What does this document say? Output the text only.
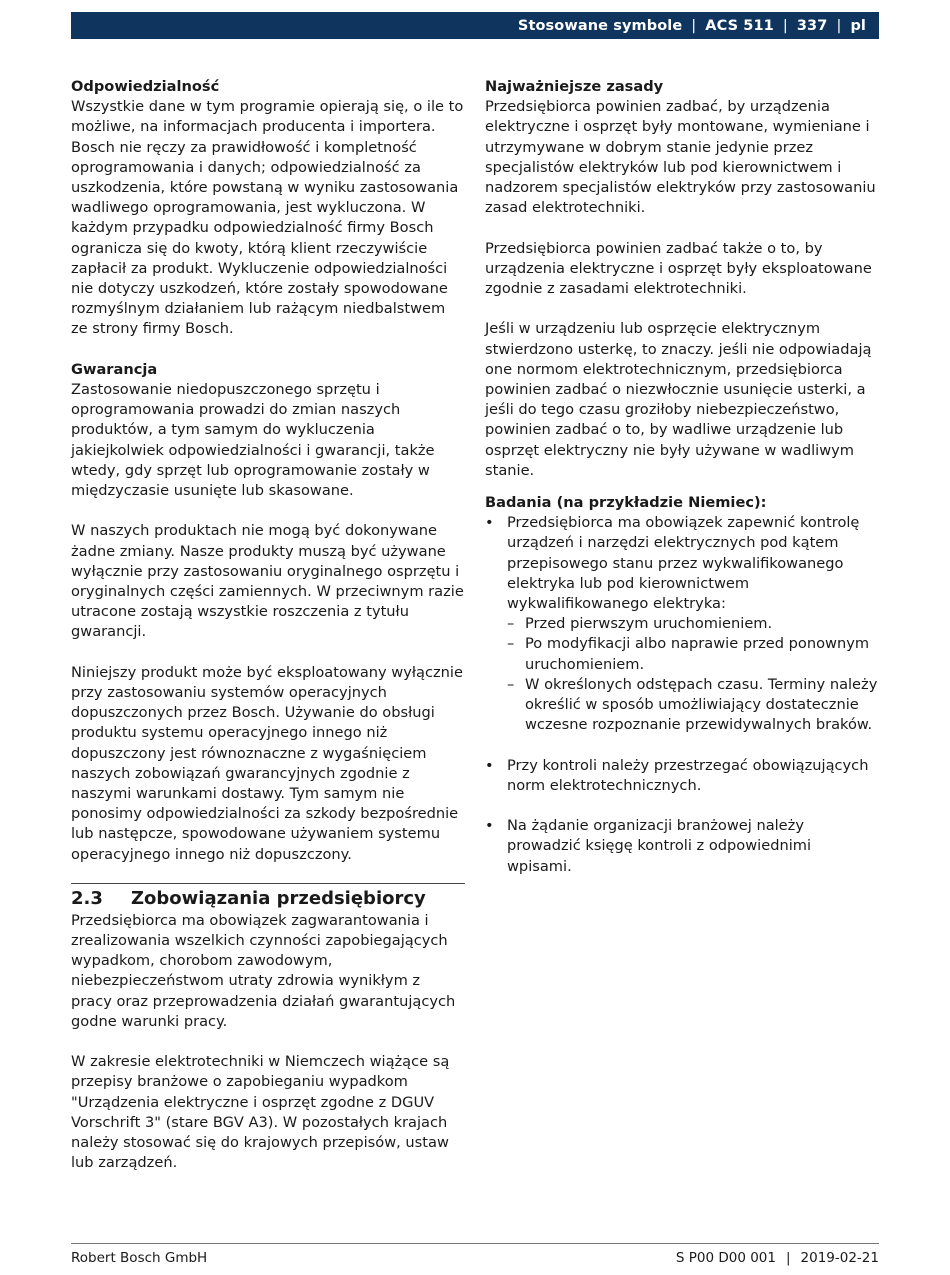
Stosowane symbole | ACS 511 | 337 | pl

Odpowiedzialność

Wszystkie dane w tym programie opierają się, o ile to możliwe, na informacjach producenta i importera. Bosch nie ręczy za prawidłowość i kompletność oprogramowania i danych; odpowiedzialność za uszkodzenia, które powstaną w wyniku zastosowania wadliwego oprogramowania, jest wykluczona. W każdym przypadku odpowiedzialność firmy Bosch ogranicza się do kwoty, którą klient rzeczywiście zapłacił za produkt. Wykluczenie odpowiedzialności nie dotyczy uszkodzeń, które zostały spowodowane rozmyślnym działaniem lub rażącym niedbalstwem ze strony firmy Bosch.

Gwarancja

Zastosowanie niedopuszczonego sprzętu i oprogramowania prowadzi do zmian naszych produktów, a tym samym do wykluczenia jakiejkolwiek odpowiedzialności i gwarancji, także wtedy, gdy sprzęt lub oprogramowanie zostały w międzyczasie usunięte lub skasowane.

W naszych produktach nie mogą być dokonywane żadne zmiany. Nasze produkty muszą być używane wyłącznie przy zastosowaniu oryginalnego osprzętu i oryginalnych części zamiennych. W przeciwnym razie utracone zostają wszystkie roszczenia z tytułu gwarancji.

Niniejszy produkt może być eksploatowany wyłącznie przy zastosowaniu systemów operacyjnych dopuszczonych przez Bosch. Używanie do obsługi produktu systemu operacyjnego innego niż dopuszczony jest równoznaczne z wygaśnięciem naszych zobowiązań gwarancyjnych zgodnie z naszymi warunkami dostawy. Tym samym nie ponosimy odpowiedzialności za szkody bezpośrednie lub następcze, spowodowane używaniem systemu operacyjnego innego niż dopuszczony.

2.3	Zobowiązania przedsiębiorcy

Przedsiębiorca ma obowiązek zagwarantowania i zrealizowania wszelkich czynności zapobiegających wypadkom, chorobom zawodowym, niebezpieczeństwom utraty zdrowia wynikłym z pracy oraz przeprowadzenia działań gwarantujących godne warunki pracy.

W zakresie elektrotechniki w Niemczech wiążące są przepisy branżowe o zapobieganiu wypadkom "Urządzenia elektryczne i osprzęt zgodne z DGUV Vorschrift 3" (stare BGV A3). W pozostałych krajach należy stosować się do krajowych przepisów, ustaw lub zarządzeń.

Najważniejsze zasady

Przedsiębiorca powinien zadbać, by urządzenia elektryczne i osprzęt były montowane, wymieniane i utrzymywane w dobrym stanie jedynie przez specjalistów elektryków lub pod kierownictwem i nadzorem specjalistów elektryków przy zastosowaniu zasad elektrotechniki.

Przedsiębiorca powinien zadbać także o to, by urządzenia elektryczne i osprzęt były eksploatowane zgodnie z zasadami elektrotechniki.

Jeśli w urządzeniu lub osprzęcie elektrycznym stwierdzono usterkę, to znaczy. jeśli nie odpowiadają one normom elektrotechnicznym, przedsiębiorca powinien zadbać o niezwłocznie usunięcie usterki, a jeśli do tego czasu groziłoby niebezpieczeństwo, powinien zadbać o to, by wadliwe urządzenie lub osprzęt elektryczny nie były używane w wadliwym stanie.

Badania (na przykładzie Niemiec):

• Przedsiębiorca ma obowiązek zapewnić kontrolę urządzeń i narzędzi elektrycznych pod kątem przepisowego stanu przez wykwalifikowanego elektryka lub pod kierownictwem wykwalifikowanego elektryka:
– Przed pierwszym uruchomieniem.
– Po modyfikacji albo naprawie przed ponownym uruchomieniem.
– W określonych odstępach czasu. Terminy należy określić w sposób umożliwiający dostatecznie wczesne rozpoznanie przewidywalnych braków.
• Przy kontroli należy przestrzegać obowiązujących norm elektrotechnicznych.
• Na żądanie organizacji branżowej należy prowadzić księgę kontroli z odpowiednimi wpisami.
Robert Bosch GmbH	S P00 D00 001 | 2019-02-21
